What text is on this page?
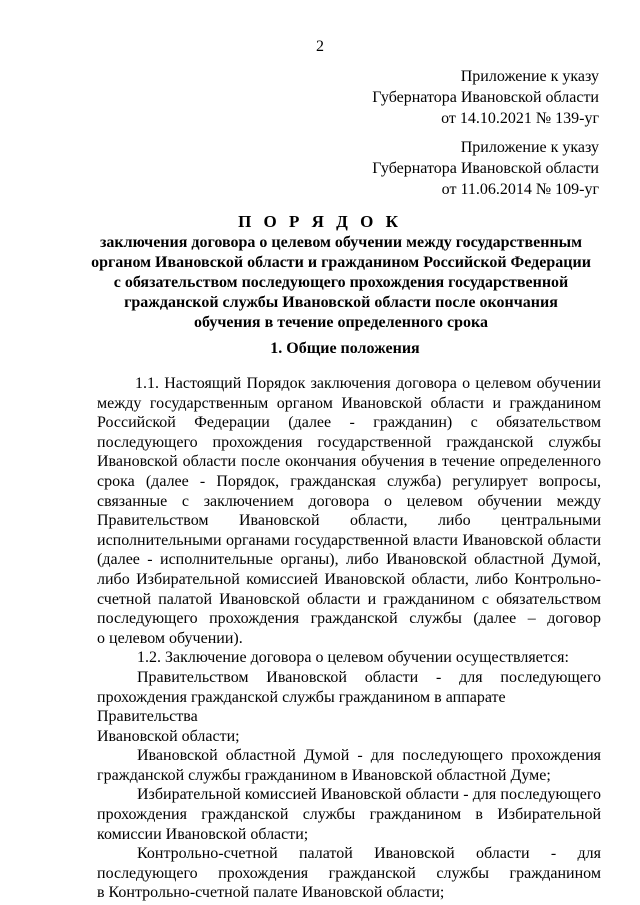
2
Приложение к указу
Губернатора Ивановской области
от 14.10.2021 № 139-уг
Приложение к указу
Губернатора Ивановской области
от 11.06.2014 № 109-уг
П О Р Я Д О К
заключения договора о целевом обучении между государственным
органом Ивановской области и гражданином Российской Федерации
с обязательством последующего прохождения государственной
гражданской службы Ивановской области после окончания
обучения в течение определенного срока
1. Общие положения
1.1. Настоящий Порядок заключения договора о целевом обучении
между государственным органом Ивановской области и гражданином
Российской Федерации (далее - гражданин) с обязательством
последующего прохождения государственной гражданской службы
Ивановской области после окончания обучения в течение определенного
срока (далее - Порядок, гражданская служба) регулирует вопросы,
связанные с заключением договора о целевом обучении между
Правительством Ивановской области, либо центральными
исполнительными органами государственной власти Ивановской области
(далее - исполнительные органы), либо Ивановской областной Думой,
либо Избирательной комиссией Ивановской области, либо Контрольно-
счетной палатой Ивановской области и гражданином с обязательством
последующего прохождения гражданской службы (далее – договор
о целевом обучении).
1.2. Заключение договора о целевом обучении осуществляется:
Правительством Ивановской области - для последующего
прохождения гражданской службы гражданином в аппарате Правительства
Ивановской области;
Ивановской областной Думой - для последующего прохождения
гражданской службы гражданином в Ивановской областной Думе;
Избирательной комиссией Ивановской области - для последующего
прохождения гражданской службы гражданином в Избирательной
комиссии Ивановской области;
Контрольно-счетной палатой Ивановской области - для
последующего прохождения гражданской службы гражданином
в Контрольно-счетной палате Ивановской области;
